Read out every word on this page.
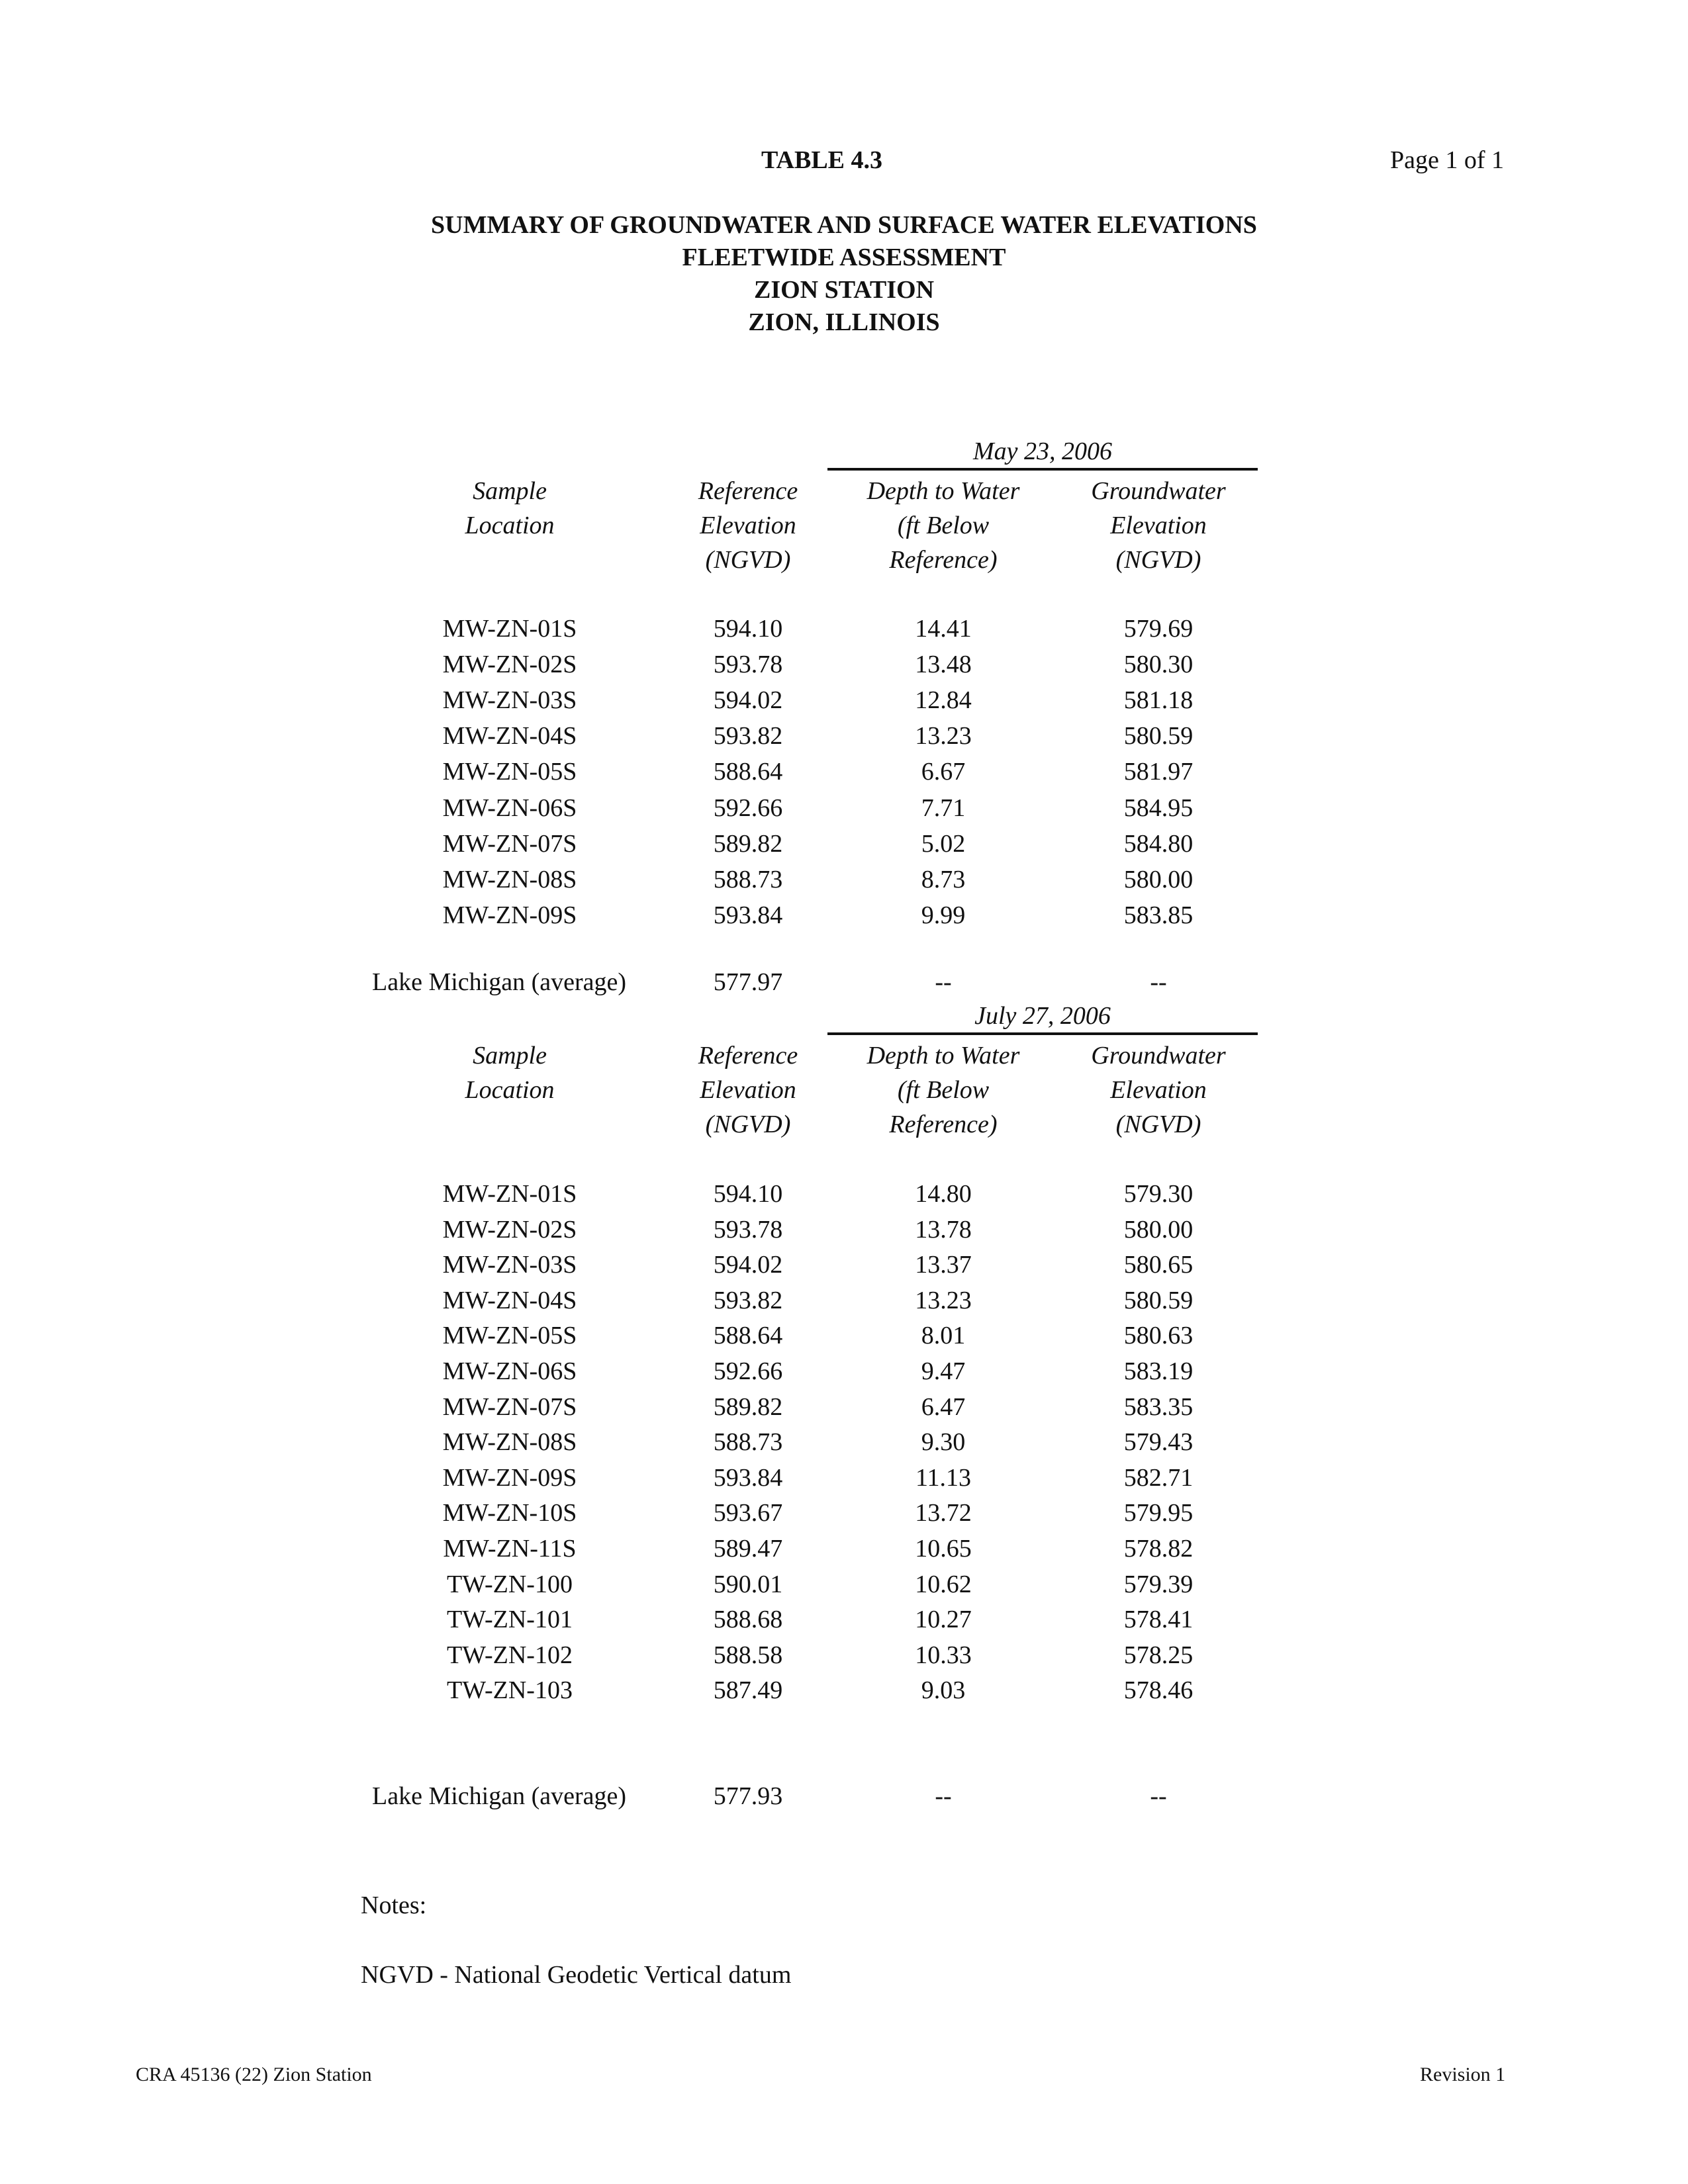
TABLE 4.3	Page 1 of 1
SUMMARY OF GROUNDWATER AND SURFACE WATER ELEVATIONS
FLEETWIDE ASSESSMENT
ZION STATION
ZION, ILLINOIS
May 23, 2006
Sample
Location
Reference
Elevation
(NGVD)
Depth to Water
(ft Below
Reference)
Groundwater
Elevation
(NGVD)
MW-ZN-01S	594.10	14.41	579.69
MW-ZN-02S	593.78	13.48	580.30
MW-ZN-03S	594.02	12.84	581.18
MW-ZN-04S	593.82	13.23	580.59
MW-ZN-05S	588.64	6.67	581.97
MW-ZN-06S	592.66	7.71	584.95
MW-ZN-07S	589.82	5.02	584.80
MW-ZN-08S	588.73	8.73	580.00
MW-ZN-09S	593.84	9.99	583.85
Lake Michigan (average)	577.97	--	--
July 27, 2006
Sample
Location
Reference
Elevation
(NGVD)
Depth to Water
(ft Below
Reference)
Groundwater
Elevation
(NGVD)
MW-ZN-01S	594.10	14.80	579.30
MW-ZN-02S	593.78	13.78	580.00
MW-ZN-03S	594.02	13.37	580.65
MW-ZN-04S	593.82	13.23	580.59
MW-ZN-05S	588.64	8.01	580.63
MW-ZN-06S	592.66	9.47	583.19
MW-ZN-07S	589.82	6.47	583.35
MW-ZN-08S	588.73	9.30	579.43
MW-ZN-09S	593.84	11.13	582.71
MW-ZN-10S	593.67	13.72	579.95
MW-ZN-11S	589.47	10.65	578.82
TW-ZN-100	590.01	10.62	579.39
TW-ZN-101	588.68	10.27	578.41
TW-ZN-102	588.58	10.33	578.25
TW-ZN-103	587.49	9.03	578.46
Lake Michigan (average)	577.93	--	--
Notes:
NGVD - National Geodetic Vertical datum
CRA 45136 (22) Zion Station	Revision 1
